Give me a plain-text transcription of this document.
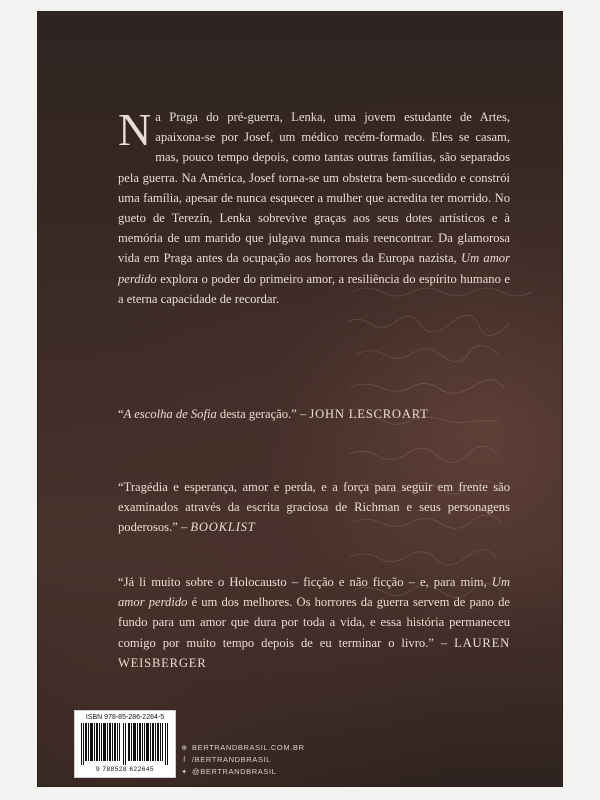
Na Praga do pré-guerra, Lenka, uma jovem estudante de Artes, apaixona-se por Josef, um médico recém-formado. Eles se casam, mas, pouco tempo depois, como tantas outras famílias, são separados pela guerra. Na América, Josef torna-se um obstetra bem-sucedido e constrói uma família, apesar de nunca esquecer a mulher que acredita ter morrido. No gueto de Terezín, Lenka sobrevive graças aos seus dotes artísticos e à memória de um marido que julgava nunca mais reencontrar. Da glamorosa vida em Praga antes da ocupação aos horrores da Europa nazista, Um amor perdido explora o poder do primeiro amor, a resiliência do espírito humano e a eterna capacidade de recordar.
“A escolha de Sofia desta geração.” – JOHN LESCROART
“Tragédia e esperança, amor e perda, e a força para seguir em frente são examinados através da escrita graciosa de Richman e seus personagens poderosos.” – BOOKLIST
“Já li muito sobre o Holocausto – ficção e não ficção – e, para mim, Um amor perdido é um dos melhores. Os horrores da guerra servem de pano de fundo para um amor que dura por toda a vida, e essa história permaneceu comigo por muito tempo depois de eu terminar o livro.” – LAUREN WEISBERGER
ISBN 978-85-286-2264-5
9 788528 622645
⊕ BERTRANDBRASIL.COM.BR
f /BERTRANDBRASIL
✦ @BERTRANDBRASIL
